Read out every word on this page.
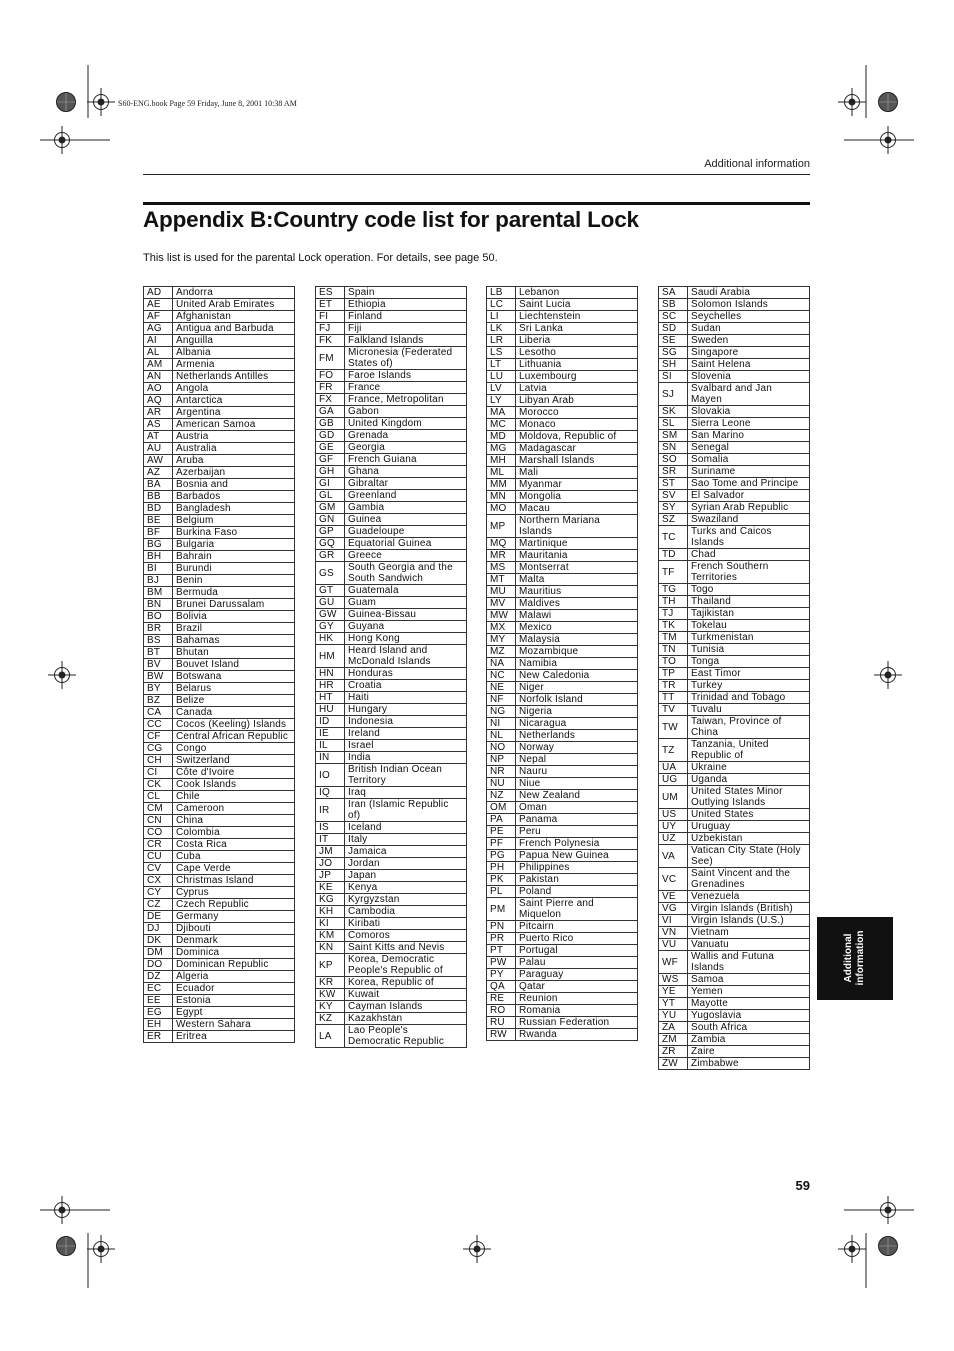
S60-ENG.book Page 59 Friday, June 8, 2001 10:38 AM
Additional information
Appendix B:Country code list for parental Lock
This list is used for the parental Lock operation. For details, see page 50.
AD	Andorra
AE	United Arab Emirates
AF	Afghanistan
AG	Antigua and Barbuda
AI	Anguilla
AL	Albania
AM	Armenia
AN	Netherlands Antilles
AO	Angola
AQ	Antarctica
AR	Argentina
AS	American Samoa
AT	Austria
AU	Australia
AW	Aruba
AZ	Azerbaijan
BA	Bosnia and
BB	Barbados
BD	Bangladesh
BE	Belgium
BF	Burkina Faso
BG	Bulgaria
BH	Bahrain
BI	Burundi
BJ	Benin
BM	Bermuda
BN	Brunei Darussalam
BO	Bolivia
BR	Brazil
BS	Bahamas
BT	Bhutan
BV	Bouvet Island
BW	Botswana
BY	Belarus
BZ	Belize
CA	Canada
CC	Cocos (Keeling) Islands
CF	Central African Republic
CG	Congo
CH	Switzerland
CI	Côte d'Ivoire
CK	Cook Islands
CL	Chile
CM	Cameroon
CN	China
CO	Colombia
CR	Costa Rica
CU	Cuba
CV	Cape Verde
CX	Christmas Island
CY	Cyprus
CZ	Czech Republic
DE	Germany
DJ	Djibouti
DK	Denmark
DM	Dominica
DO	Dominican Republic
DZ	Algeria
EC	Ecuador
EE	Estonia
EG	Egypt
EH	Western Sahara
ER	Eritrea
ES	Spain
ET	Ethiopia
FI	Finland
FJ	Fiji
FK	Falkland Islands
FM	Micronesia (Federated States of)
FO	Faroe Islands
FR	France
FX	France, Metropolitan
GA	Gabon
GB	United Kingdom
GD	Grenada
GE	Georgia
GF	French Guiana
GH	Ghana
GI	Gibraltar
GL	Greenland
GM	Gambia
GN	Guinea
GP	Guadeloupe
GQ	Equatorial Guinea
GR	Greece
GS	South Georgia and the South Sandwich
GT	Guatemala
GU	Guam
GW	Guinea-Bissau
GY	Guyana
HK	Hong Kong
HM	Heard Island and McDonald Islands
HN	Honduras
HR	Croatia
HT	Haiti
HU	Hungary
ID	Indonesia
IE	Ireland
IL	Israel
IN	India
IO	British Indian Ocean Territory
IQ	Iraq
IR	Iran (Islamic Republic of)
IS	Iceland
IT	Italy
JM	Jamaica
JO	Jordan
JP	Japan
KE	Kenya
KG	Kyrgyzstan
KH	Cambodia
KI	Kiribati
KM	Comoros
KN	Saint Kitts and Nevis
KP	Korea, Democratic People's Republic of
KR	Korea, Republic of
KW	Kuwait
KY	Cayman Islands
KZ	Kazakhstan
LA	Lao People's Democratic Republic
LB	Lebanon
LC	Saint Lucia
LI	Liechtenstein
LK	Sri Lanka
LR	Liberia
LS	Lesotho
LT	Lithuania
LU	Luxembourg
LV	Latvia
LY	Libyan Arab
MA	Morocco
MC	Monaco
MD	Moldova, Republic of
MG	Madagascar
MH	Marshall Islands
ML	Mali
MM	Myanmar
MN	Mongolia
MO	Macau
MP	Northern Mariana Islands
MQ	Martinique
MR	Mauritania
MS	Montserrat
MT	Malta
MU	Mauritius
MV	Maldives
MW	Malawi
MX	Mexico
MY	Malaysia
MZ	Mozambique
NA	Namibia
NC	New Caledonia
NE	Niger
NF	Norfolk Island
NG	Nigeria
NI	Nicaragua
NL	Netherlands
NO	Norway
NP	Nepal
NR	Nauru
NU	Niue
NZ	New Zealand
OM	Oman
PA	Panama
PE	Peru
PF	French Polynesia
PG	Papua New Guinea
PH	Philippines
PK	Pakistan
PL	Poland
PM	Saint Pierre and Miquelon
PN	Pitcairn
PR	Puerto Rico
PT	Portugal
PW	Palau
PY	Paraguay
QA	Qatar
RE	Reunion
RO	Romania
RU	Russian Federation
RW	Rwanda
SA	Saudi Arabia
SB	Solomon Islands
SC	Seychelles
SD	Sudan
SE	Sweden
SG	Singapore
SH	Saint Helena
SI	Slovenia
SJ	Svalbard and Jan Mayen
SK	Slovakia
SL	Sierra Leone
SM	San Marino
SN	Senegal
SO	Somalia
SR	Suriname
ST	Sao Tome and Principe
SV	El Salvador
SY	Syrian Arab Republic
SZ	Swaziland
TC	Turks and Caicos Islands
TD	Chad
TF	French Southern Territories
TG	Togo
TH	Thailand
TJ	Tajikistan
TK	Tokelau
TM	Turkmenistan
TN	Tunisia
TO	Tonga
TP	East Timor
TR	Turkey
TT	Trinidad and Tobago
TV	Tuvalu
TW	Taiwan, Province of China
TZ	Tanzania, United Republic of
UA	Ukraine
UG	Uganda
UM	United States Minor Outlying Islands
US	United States
UY	Uruguay
UZ	Uzbekistan
VA	Vatican City State (Holy See)
VC	Saint Vincent and the Grenadines
VE	Venezuela
VG	Virgin Islands (British)
VI	Virgin Islands (U.S.)
VN	Vietnam
VU	Vanuatu
WF	Wallis and Futuna Islands
WS	Samoa
YE	Yemen
YT	Mayotte
YU	Yugoslavia
ZA	South Africa
ZM	Zambia
ZR	Zaire
ZW	Zimbabwe
Additional information
59
